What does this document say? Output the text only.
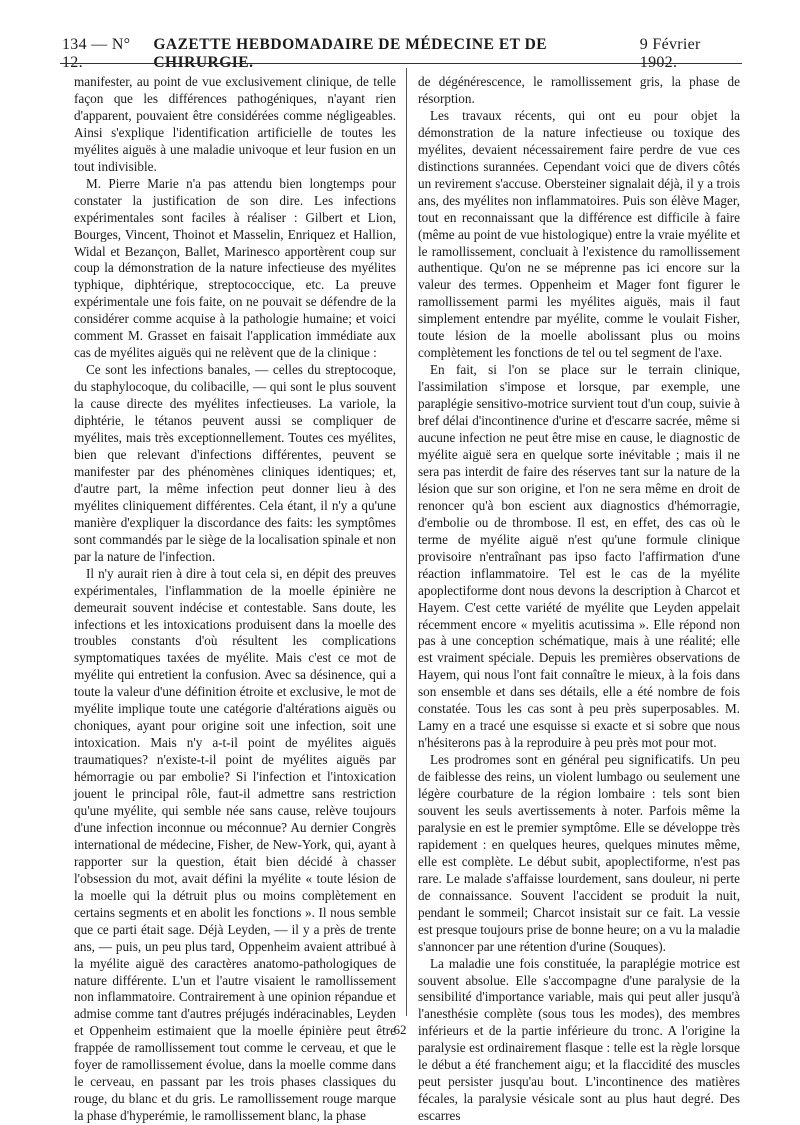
134 — N° 12.
GAZETTE HEBDOMADAIRE DE MÉDECINE ET DE CHIRURGIE.
9 Février 1902.

manifester, au point de vue exclusivement clinique, de telle façon que les différences pathogéniques, n'ayant rien d'apparent, pouvaient être considérées comme négligeables. Ainsi s'explique l'identification artificielle de toutes les myélites aiguës à une maladie univoque et leur fusion en un tout indivisible.

M. Pierre Marie n'a pas attendu bien longtemps pour constater la justification de son dire. Les infections expérimentales sont faciles à réaliser : Gilbert et Lion, Bourges, Vincent, Thoinot et Masselin, Enriquez et Hallion, Widal et Bezançon, Ballet, Marinesco apportèrent coup sur coup la démonstration de la nature infectieuse des myélites typhique, diphtérique, streptococcique, etc. La preuve expérimentale une fois faite, on ne pouvait se défendre de la considérer comme acquise à la pathologie humaine; et voici comment M. Grasset en faisait l'application immédiate aux cas de myélites aiguës qui ne relèvent que de la clinique :

Ce sont les infections banales, — celles du streptocoque, du staphylocoque, du colibacille, — qui sont le plus souvent la cause directe des myélites infectieuses. La variole, la diphtérie, le tétanos peuvent aussi se compliquer de myélites, mais très exceptionnellement. Toutes ces myélites, bien que relevant d'infections différentes, peuvent se manifester par des phénomènes cliniques identiques; et, d'autre part, la même infection peut donner lieu à des myélites cliniquement différentes. Cela étant, il n'y a qu'une manière d'expliquer la discordance des faits: les symptômes sont commandés par le siège de la localisation spinale et non par la nature de l'infection.

Il n'y aurait rien à dire à tout cela si, en dépit des preuves expérimentales, l'inflammation de la moelle épinière ne demeurait souvent indécise et contestable. Sans doute, les infections et les intoxications produisent dans la moelle des troubles constants d'où résultent les complications symptomatiques taxées de myélite. Mais c'est ce mot de myélite qui entretient la confusion. Avec sa désinence, qui a toute la valeur d'une définition étroite et exclusive, le mot de myélite implique toute une catégorie d'altérations aiguës ou choniques, ayant pour origine soit une infection, soit une intoxication. Mais n'y a-t-il point de myélites aiguës traumatiques? n'existe-t-il point de myélites aiguës par hémorragie ou par embolie? Si l'infection et l'intoxication jouent le principal rôle, faut-il admettre sans restriction qu'une myélite, qui semble née sans cause, relève toujours d'une infection inconnue ou méconnue? Au dernier Congrès international de médecine, Fisher, de New-York, qui, ayant à rapporter sur la question, était bien décidé à chasser l'obsession du mot, avait défini la myélite « toute lésion de la moelle qui la détruit plus ou moins complètement en certains segments et en abolit les fonctions ». Il nous semble que ce parti était sage. Déjà Leyden, — il y a près de trente ans, — puis, un peu plus tard, Oppenheim avaient attribué à la myélite aiguë des caractères anatomo-pathologiques de nature différente. L'un et l'autre visaient le ramollissement non inflammatoire. Contrairement à une opinion répandue et admise comme tant d'autres préjugés indéracinables, Leyden et Oppenheim estimaient que la moelle épinière peut être frappée de ramollissement tout comme le cerveau, et que le foyer de ramollissement évolue, dans la moelle comme dans le cerveau, en passant par les trois phases classiques du rouge, du blanc et du gris. Le ramollissement rouge marque la phase d'hyperémie, le ramollissement blanc, la phase

de dégénérescence, le ramollissement gris, la phase de résorption.

Les travaux récents, qui ont eu pour objet la démonstration de la nature infectieuse ou toxique des myélites, devaient nécessairement faire perdre de vue ces distinctions surannées. Cependant voici que de divers côtés un revirement s'accuse. Obersteiner signalait déjà, il y a trois ans, des myélites non inflammatoires. Puis son élève Mager, tout en reconnaissant que la différence est difficile à faire (même au point de vue histologique) entre la vraie myélite et le ramollissement, concluait à l'existence du ramollissement authentique. Qu'on ne se méprenne pas ici encore sur la valeur des termes. Oppenheim et Mager font figurer le ramollissement parmi les myélites aiguës, mais il faut simplement entendre par myélite, comme le voulait Fisher, toute lésion de la moelle abolissant plus ou moins complètement les fonctions de tel ou tel segment de l'axe.

En fait, si l'on se place sur le terrain clinique, l'assimilation s'impose et lorsque, par exemple, une paraplégie sensitivo-motrice survient tout d'un coup, suivie à bref délai d'incontinence d'urine et d'escarre sacrée, même si aucune infection ne peut être mise en cause, le diagnostic de myélite aiguë sera en quelque sorte inévitable ; mais il ne sera pas interdit de faire des réserves tant sur la nature de la lésion que sur son origine, et l'on ne sera même en droit de renoncer qu'à bon escient aux diagnostics d'hémorragie, d'embolie ou de thrombose. Il est, en effet, des cas où le terme de myélite aiguë n'est qu'une formule clinique provisoire n'entraînant pas ipso facto l'affirmation d'une réaction inflammatoire. Tel est le cas de la myélite apoplectiforme dont nous devons la description à Charcot et Hayem. C'est cette variété de myélite que Leyden appelait récemment encore « myelitis acutissima ». Elle répond non pas à une conception schématique, mais à une réalité; elle est vraiment spéciale. Depuis les premières observations de Hayem, qui nous l'ont fait connaître le mieux, à la fois dans son ensemble et dans ses détails, elle a été nombre de fois constatée. Tous les cas sont à peu près superposables. M. Lamy en a tracé une esquisse si exacte et si sobre que nous n'hésiterons pas à la reproduire à peu près mot pour mot.

Les prodromes sont en général peu significatifs. Un peu de faiblesse des reins, un violent lumbago ou seulement une légère courbature de la région lombaire : tels sont bien souvent les seuls avertissements à noter. Parfois même la paralysie en est le premier symptôme. Elle se développe très rapidement : en quelques heures, quelques minutes même, elle est complète. Le début subit, apoplectiforme, n'est pas rare. Le malade s'affaisse lourdement, sans douleur, ni perte de connaissance. Souvent l'accident se produit la nuit, pendant le sommeil; Charcot insistait sur ce fait. La vessie est presque toujours prise de bonne heure; on a vu la maladie s'annoncer par une rétention d'urine (Souques).

La maladie une fois constituée, la paraplégie motrice est souvent absolue. Elle s'accompagne d'une paralysie de la sensibilité d'importance variable, mais qui peut aller jusqu'à l'anesthésie complète (sous tous les modes), des membres inférieurs et de la partie inférieure du tronc. A l'origine la paralysie est ordinairement flasque : telle est la règle lorsque le début a été franchement aigu; et la flaccidité des muscles peut persister jusqu'au bout. L'incontinence des matières fécales, la paralysie vésicale sont au plus haut degré. Des escarres

62
